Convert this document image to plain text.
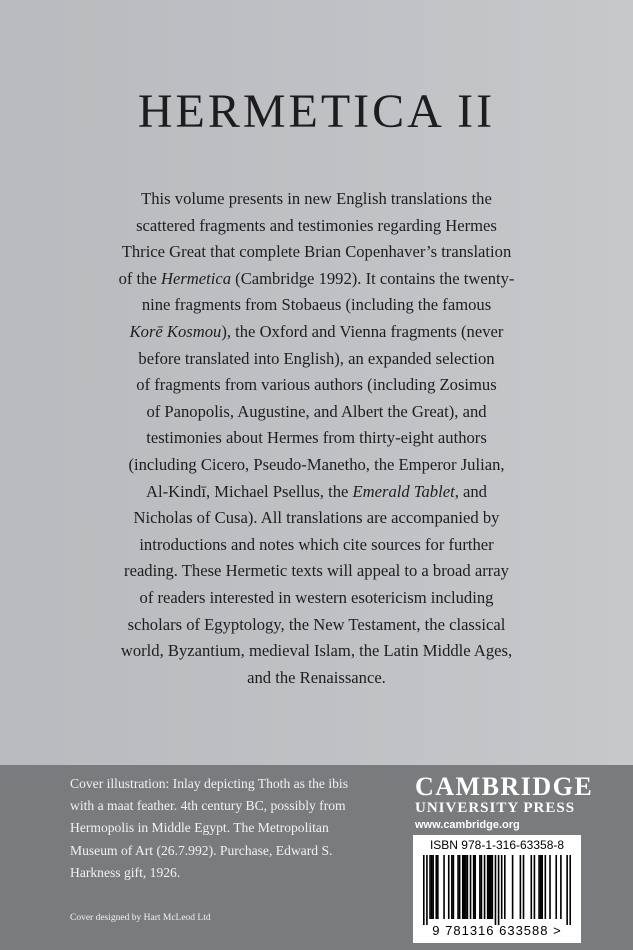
HERMETICA II

This volume presents in new English translations the
scattered fragments and testimonies regarding Hermes
Thrice Great that complete Brian Copenhaver’s translation
of the Hermetica (Cambridge 1992). It contains the twenty-
nine fragments from Stobaeus (including the famous
Korē Kosmou), the Oxford and Vienna fragments (never
before translated into English), an expanded selection
of fragments from various authors (including Zosimus
of Panopolis, Augustine, and Albert the Great), and
testimonies about Hermes from thirty-eight authors
(including Cicero, Pseudo-Manetho, the Emperor Julian,
Al-Kindī, Michael Psellus, the Emerald Tablet, and
Nicholas of Cusa). All translations are accompanied by
introductions and notes which cite sources for further
reading. These Hermetic texts will appeal to a broad array
of readers interested in western esotericism including
scholars of Egyptology, the New Testament, the classical
world, Byzantium, medieval Islam, the Latin Middle Ages,
and the Renaissance.

Cover illustration: Inlay depicting Thoth as the ibis
with a maat feather. 4th century BC, possibly from
Hermopolis in Middle Egypt. The Metropolitan
Museum of Art (26.7.992). Purchase, Edward S.
Harkness gift, 1926.
Cover designed by Hart McLeod Ltd
CAMBRIDGE
UNIVERSITY PRESS
www.cambridge.org
ISBN 978-1-316-63358-8
9 781316 633588 >
